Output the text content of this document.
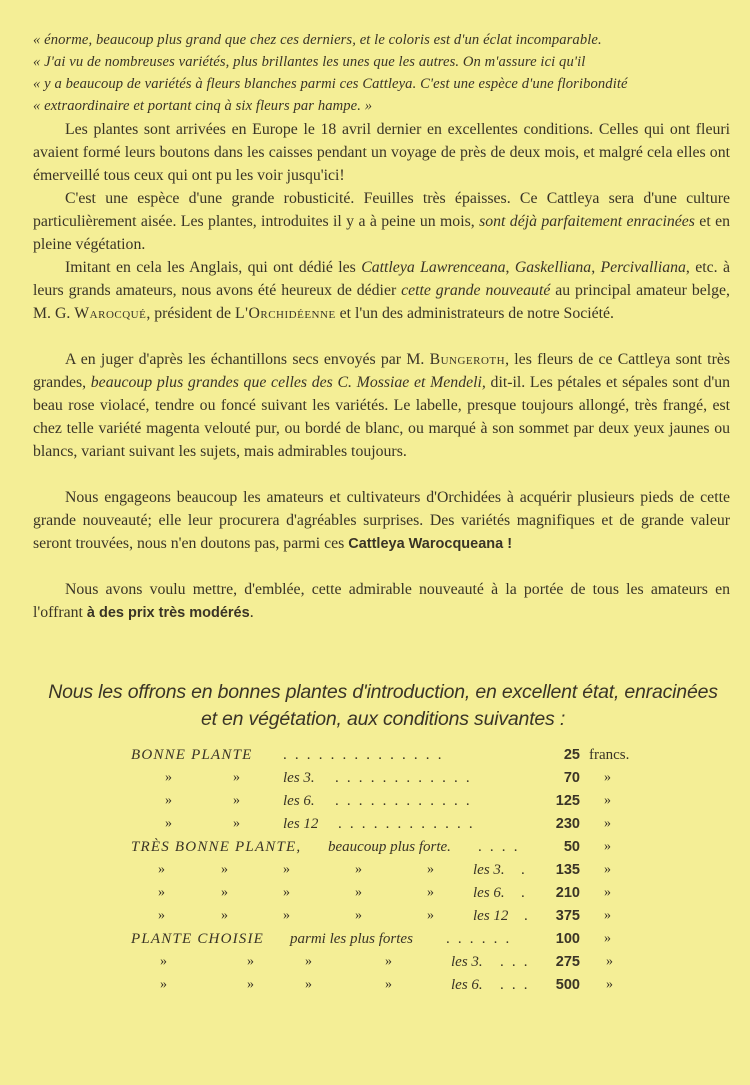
« énorme, beaucoup plus grand que chez ces derniers, et le coloris est d'un éclat incomparable.
« J'ai vu de nombreuses variétés, plus brillantes les unes que les autres. On m'assure ici qu'il
« y a beaucoup de variétés à fleurs blanches parmi ces Cattleya. C'est une espèce d'une floribondité
« extraordinaire et portant cinq à six fleurs par hampe. »
Les plantes sont arrivées en Europe le 18 avril dernier en excellentes conditions. Celles qui ont fleuri avaient formé leurs boutons dans les caisses pendant un voyage de près de deux mois, et malgré cela elles ont émerveillé tous ceux qui ont pu les voir jusqu'ici!
C'est une espèce d'une grande robusticité. Feuilles très épaisses. Ce Cattleya sera d'une culture particulièrement aisée. Les plantes, introduites il y a à peine un mois, sont déjà parfaitement enracinées et en pleine végétation.
Imitant en cela les Anglais, qui ont dédié les Cattleya Lawrenceana, Gaskelliana, Percivalliana, etc. à leurs grands amateurs, nous avons été heureux de dédier cette grande nouveauté au principal amateur belge, M. G. Warocqué, président de L'Orchidéenne et l'un des administrateurs de notre Société.
A en juger d'après les échantillons secs envoyés par M. Bungeroth, les fleurs de ce Cattleya sont très grandes, beaucoup plus grandes que celles des C. Mossiae et Mendeli, dit-il. Les pétales et sépales sont d'un beau rose violacé, tendre ou foncé suivant les variétés. Le labelle, presque toujours allongé, très frangé, est chez telle variété magenta velouté pur, ou bordé de blanc, ou marqué à son sommet par deux yeux jaunes ou blancs, variant suivant les sujets, mais admirables toujours.
Nous engageons beaucoup les amateurs et cultivateurs d'Orchidées à acquérir plusieurs pieds de cette grande nouveauté; elle leur procurera d'agréables surprises. Des variétés magnifiques et de grande valeur seront trouvées, nous n'en doutons pas, parmi ces Cattleya Warocqueana !
Nous avons voulu mettre, d'emblée, cette admirable nouveauté à la portée de tous les amateurs en l'offrant à des prix très modérés.
Nous les offrons en bonnes plantes d'introduction, en excellent état, enracinées
et en végétation, aux conditions suivantes :
BONNE PLANTE . . . . . . . . . . . . . .	25 francs.
»	»	les 3. . . . . . . . . . . . .	70 »
»	»	les 6. . . . . . . . . . . . .	125 »
»	»	les 12 . . . . . . . . . . . .	230 »
TRÈS BONNE PLANTE, beaucoup plus forte. . . . .	50 »
»	»	»	»	»	les 3. .	135 »
»	»	»	»	»	les 6. .	210 »
»	»	»	»	»	les 12 .	375 »
PLANTE CHOISIE parmi les plus fortes . . . . . .	100 »
»	»	»	»	les 3. . . .	275 »
»	»	»	»	les 6. . . .	500 »
